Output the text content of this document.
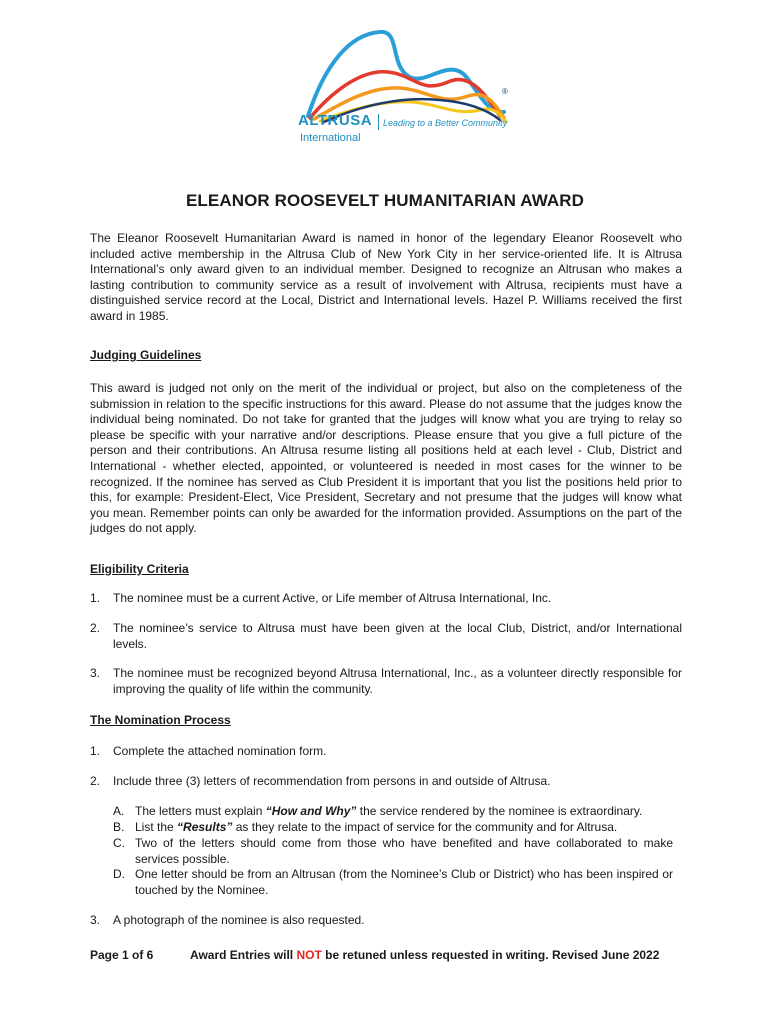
®
ALTRUSA Leading to a Better Community
International
ELEANOR ROOSEVELT HUMANITARIAN AWARD
The Eleanor Roosevelt Humanitarian Award is named in honor of the legendary Eleanor Roosevelt who included active membership in the Altrusa Club of New York City in her service-oriented life. It is Altrusa International’s only award given to an individual member. Designed to recognize an Altrusan who makes a lasting contribution to community service as a result of involvement with Altrusa, recipients must have a distinguished service record at the Local, District and International levels. Hazel P. Williams received the first award in 1985.
Judging Guidelines
This award is judged not only on the merit of the individual or project, but also on the completeness of the submission in relation to the specific instructions for this award. Please do not assume that the judges know the individual being nominated. Do not take for granted that the judges will know what you are trying to relay so please be specific with your narrative and/or descriptions. Please ensure that you give a full picture of the person and their contributions. An Altrusa resume listing all positions held at each level - Club, District and International - whether elected, appointed, or volunteered is needed in most cases for the winner to be recognized. If the nominee has served as Club President it is important that you list the positions held prior to this, for example: President-Elect, Vice President, Secretary and not presume that the judges will know what you mean. Remember points can only be awarded for the information provided. Assumptions on the part of the judges do not apply.
Eligibility Criteria
1. The nominee must be a current Active, or Life member of Altrusa International, Inc.
2. The nominee’s service to Altrusa must have been given at the local Club, District, and/or International levels.
3. The nominee must be recognized beyond Altrusa International, Inc., as a volunteer directly responsible for improving the quality of life within the community.
The Nomination Process
1. Complete the attached nomination form.
2. Include three (3) letters of recommendation from persons in and outside of Altrusa.
A. The letters must explain “How and Why” the service rendered by the nominee is extraordinary.
B. List the “Results” as they relate to the impact of service for the community and for Altrusa.
C. Two of the letters should come from those who have benefited and have collaborated to make services possible.
D. One letter should be from an Altrusan (from the Nominee’s Club or District) who has been inspired or touched by the Nominee.
3. A photograph of the nominee is also requested.
Page 1 of 6	Award Entries will NOT be retuned unless requested in writing. Revised June 2022
